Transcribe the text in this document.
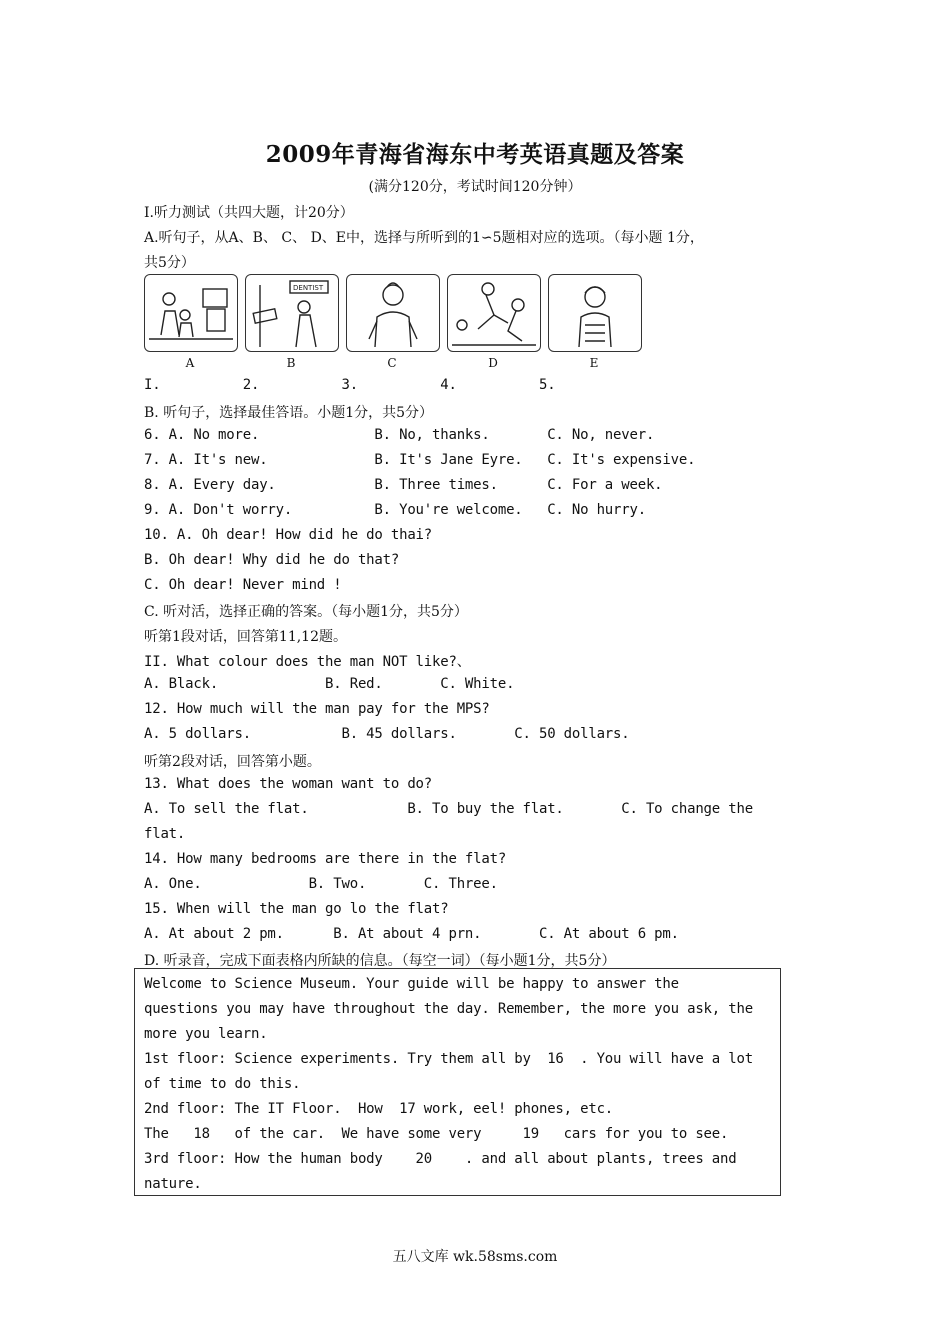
2009年青海省海东中考英语真题及答案
(满分120分，考试时间120分钟）
I.听力测试（共四大题，计20分）
A.听句子，从A、B、 C、 D、E中，选择与所听到的1∽5题相对应的选项。（每小题 1分，
共5分）
DENTIST
A	B	C	D	E
I.          2.          3.          4.          5.
B. 听句子，选择最佳答语。小题1分，共5分）
6. A. No more.              B. No, thanks.       C. No, never.
7. A. It's new.             B. It's Jane Eyre.   C. It's expensive.
8. A. Every day.            B. Three times.      C. For a week.
9. A. Don't worry.          B. You're welcome.   C. No hurry.
10. A. Oh dear! How did he do thai?
B. Oh dear! Why did he do that?
C. Oh dear! Never mind !
C. 听对活，选择正确的答案。（每小题1分，共5分）
听第1段对话，回答第11,12题。
II. What colour does the man NOT like?、
A. Black.             B. Red.       C. White.
12. How much will the man pay for the MPS?
A. 5 dollars.           B. 45 dollars.       C. 50 dollars.
听第2段对话，回答第小题。
13. What does the woman want to do?
A. To sell the flat.            B. To buy the flat.       C. To change the
flat.
14. How many bedrooms are there in the flat?
A. One.             B. Two.       C. Three.
15. When will the man go lo the flat?
A. At about 2 pm.      B. At about 4 prn.       C. At about 6 pm.
D. 听录音，完成下面表格内所缺的信息。（每空一词）（每小题1分，共5分）
Welcome to Science Museum. Your guide will be happy to answer the
questions you may have throughout the day. Remember, the more you ask, the
more you learn.
1st floor: Science experiments. Try them all by  16  . You will have a lot
of time to do this.
2nd floor: The IT Floor.  How  17 work, eel! phones, etc.
The   18   of the car.  We have some very     19   cars for you to see.
3rd floor: How the human body    20    . and all about plants, trees and
nature.
五八文库 wk.58sms.com
